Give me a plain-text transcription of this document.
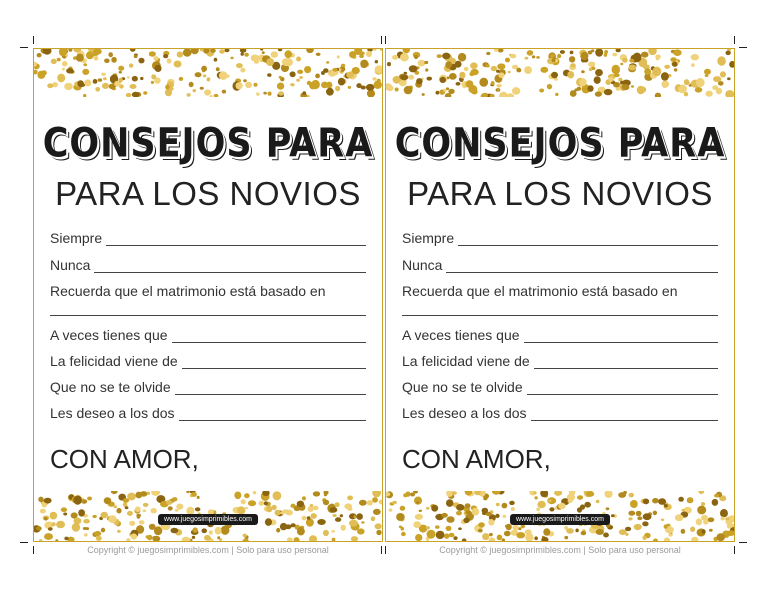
CONSEJOS PARA
PARA LOS NOVIOS
Siempre
Nunca
Recuerda que el matrimonio está basado en
A veces tienes que
La felicidad viene de
Que no se te olvide
Les deseo a los dos
CON AMOR,
www.juegosimprimibles.com
Copyright © juegosimprimibles.com | Solo para uso personal
CONSEJOS PARA
PARA LOS NOVIOS
Siempre
Nunca
Recuerda que el matrimonio está basado en
A veces tienes que
La felicidad viene de
Que no se te olvide
Les deseo a los dos
CON AMOR,
www.juegosimprimibles.com
Copyright © juegosimprimibles.com | Solo para uso personal
